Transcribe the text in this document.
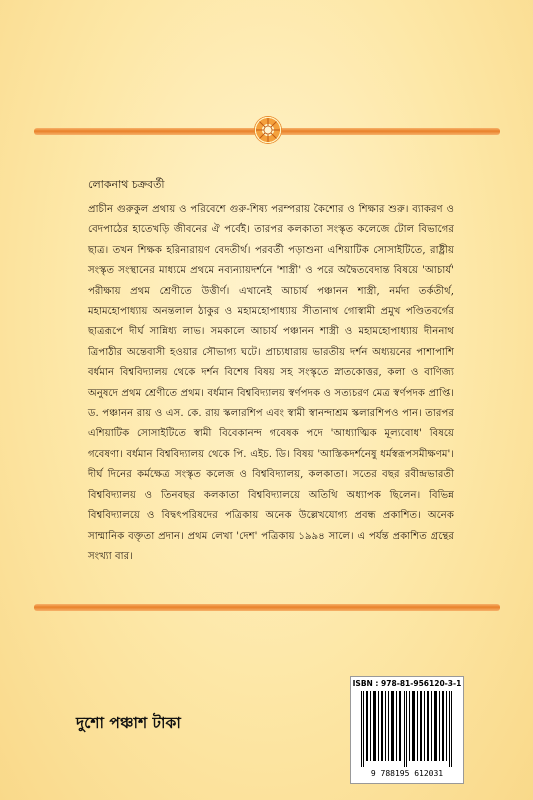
লোকনাথ চক্রবর্তী

প্রাচীন গুরুকুল প্রথায় ও পরিবেশে গুরু-শিষ্য পরম্পরায় কৈশোর ও শিক্ষার শুরু। ব্যাকরণ ও বেদপাঠের হাতেখড়ি জীবনের ঐ পর্বেই। তারপর কলকাতা সংস্কৃত কলেজে টোল বিভাগের ছাত্র। তখন শিক্ষক হরিনারায়ণ বেদতীর্থ। পরবর্তী পড়াশুনা এশিয়াটিক সোসাইটিতে, রাষ্ট্রীয় সংস্কৃত সংস্থানের মাধ্যমে প্রথমে নব্যন্যায়দর্শনে 'শাস্ত্রী' ও পরে অদ্বৈতবেদান্ত বিষয়ে 'আচার্য' পরীক্ষায় প্রথম শ্রেণীতে উত্তীর্ণ। এখানেই আচার্য পঞ্চানন শাস্ত্রী, নর্মদা তর্কতীর্থ, মহামহোপাধ্যায় অনন্তলাল ঠাকুর ও মহামহোপাধ্যায় সীতানাথ গোস্বামী প্রমুখ পণ্ডিতবর্গের ছাত্ররূপে দীর্ঘ সান্নিধ্য লাভ। সমকালে আচার্য পঞ্চানন শাস্ত্রী ও মহামহোপাধ্যায় দীননাথ ত্রিপাঠীর অন্তেবাসী হওয়ার সৌভাগ্য ঘটে। প্রাচ্যধারায় ভারতীয় দর্শন অধ্যয়নের পাশাপাশি বর্ধমান বিশ্ববিদ্যালয় থেকে দর্শন বিশেষ বিষয় সহ সংস্কৃতে স্নাতকোত্তর, কলা ও বাণিজ্য অনুষদে প্রথম শ্রেণীতে প্রথম। বর্ধমান বিশ্ববিদ্যালয় স্বর্ণপদক ও সত্যচরণ মেত্র স্বর্ণপদক প্রাপ্তি। ড. পঞ্চানন রায় ও এস. কে. রায় স্কলারশিপ এবং স্বামী স্বানন্দাশ্রম স্কলারশিপও পান। তারপর এশিয়াটিক সোসাইটিতে স্বামী বিবেকানন্দ গবেষক পদে 'আধ্যাত্মিক মূল্যবোধ' বিষয়ে গবেষণা। বর্ধমান বিশ্ববিদ্যালয় থেকে পি. এইচ. ডি। বিষয় 'আস্তিকদর্শনেষু ধর্মস্বরূপসমীক্ষণম'। দীর্ঘ দিনের কর্মক্ষেত্র সংস্কৃত কলেজ ও বিশ্ববিদ্যালয়, কলকাতা। সতের বছর রবীন্দ্রভারতী বিশ্ববিদ্যালয় ও তিনবছর কলকাতা বিশ্ববিদ্যালয়ে অতিথি অধ্যাপক ছিলেন। বিভিন্ন বিশ্ববিদ্যালয়ে ও বিদ্বৎপরিষদের পত্রিকায় অনেক উল্লেখযোগ্য প্রবন্ধ প্রকাশিত। অনেক সাম্মানিক বক্তৃতা প্রদান। প্রথম লেখা 'দেশ' পত্রিকায় ১৯৯৪ সালে। এ পর্যন্ত প্রকাশিত গ্রন্থের সংখ্যা বার।

দুশো পঞ্চাশ টাকা
ISBN : 978-81-956120-3-1
9 788195 612031
